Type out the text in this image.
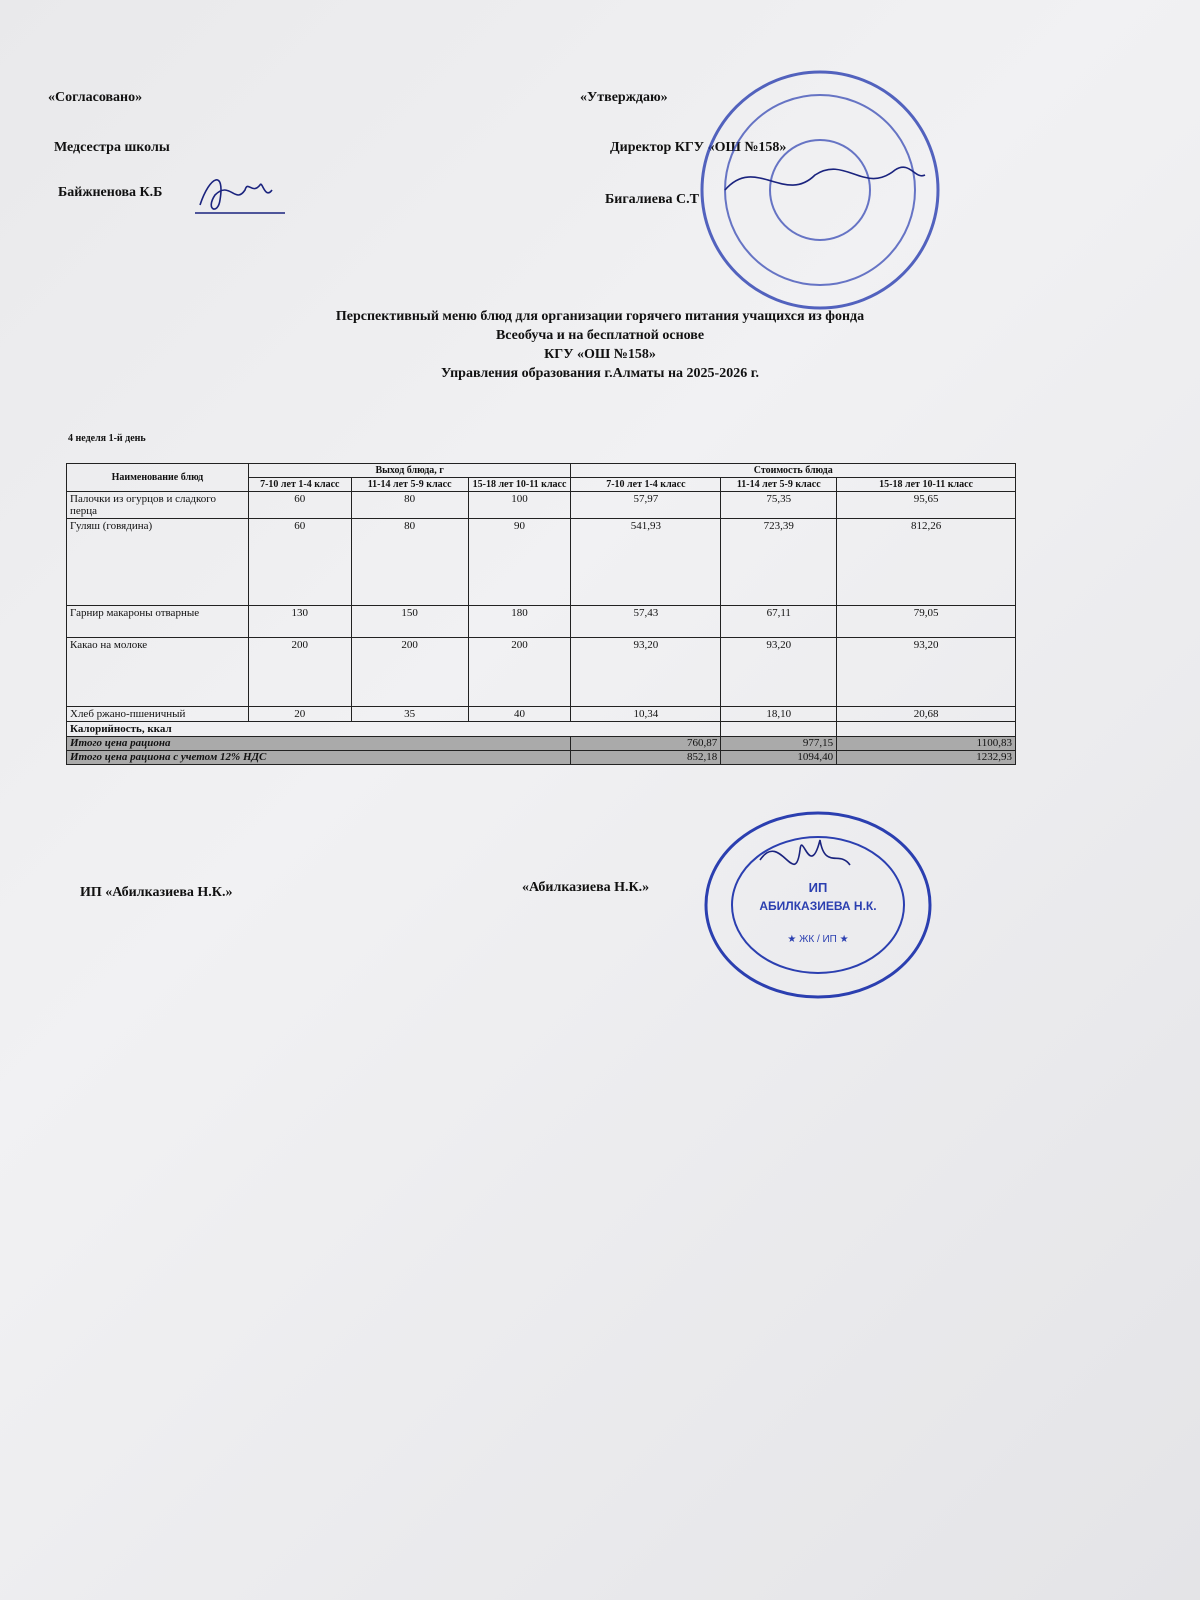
«Согласовано»
Медсестра школы
Байжненова К.Б
«Утверждаю»
Директор КГУ «ОШ №158»
Бигалиева С.Т
Перспективный меню блюд для организации горячего питания учащихся из фонда
Всеобуча и на бесплатной основе
КГУ «ОШ №158»
Управления образования г.Алматы на 2025-2026 г.
4 неделя 1-й день
Наименование блюд	Выход блюда, г			Стоимость блюда		
	7-10 лет 1-4 класс	11-14 лет 5-9 класс	15-18 лет 10-11 класс	7-10 лет 1-4 класс	11-14 лет 5-9 класс	15-18 лет 10-11 класс
Палочки из огурцов и сладкого перца	60	80	100	57,97	75,35	95,65
Гуляш (говядина)	60	80	90	541,93	723,39	812,26
Гарнир макароны отварные	130	150	180	57,43	67,11	79,05
Какао на молоке	200	200	200	93,20	93,20	93,20
Хлеб ржано-пшеничный	20	35	40	10,34	18,10	20,68
Калорийность, ккал						
Итого цена рациона				760,87	977,15	1100,83
Итого цена рациона с учетом 12% НДС				852,18	1094,40	1232,93
ИП «Абилказиева Н.К.»	«Абилказиева Н.К.»	ИП
АБИЛКАЗИЕВА Н.К.
★ ЖК / ИП ★
